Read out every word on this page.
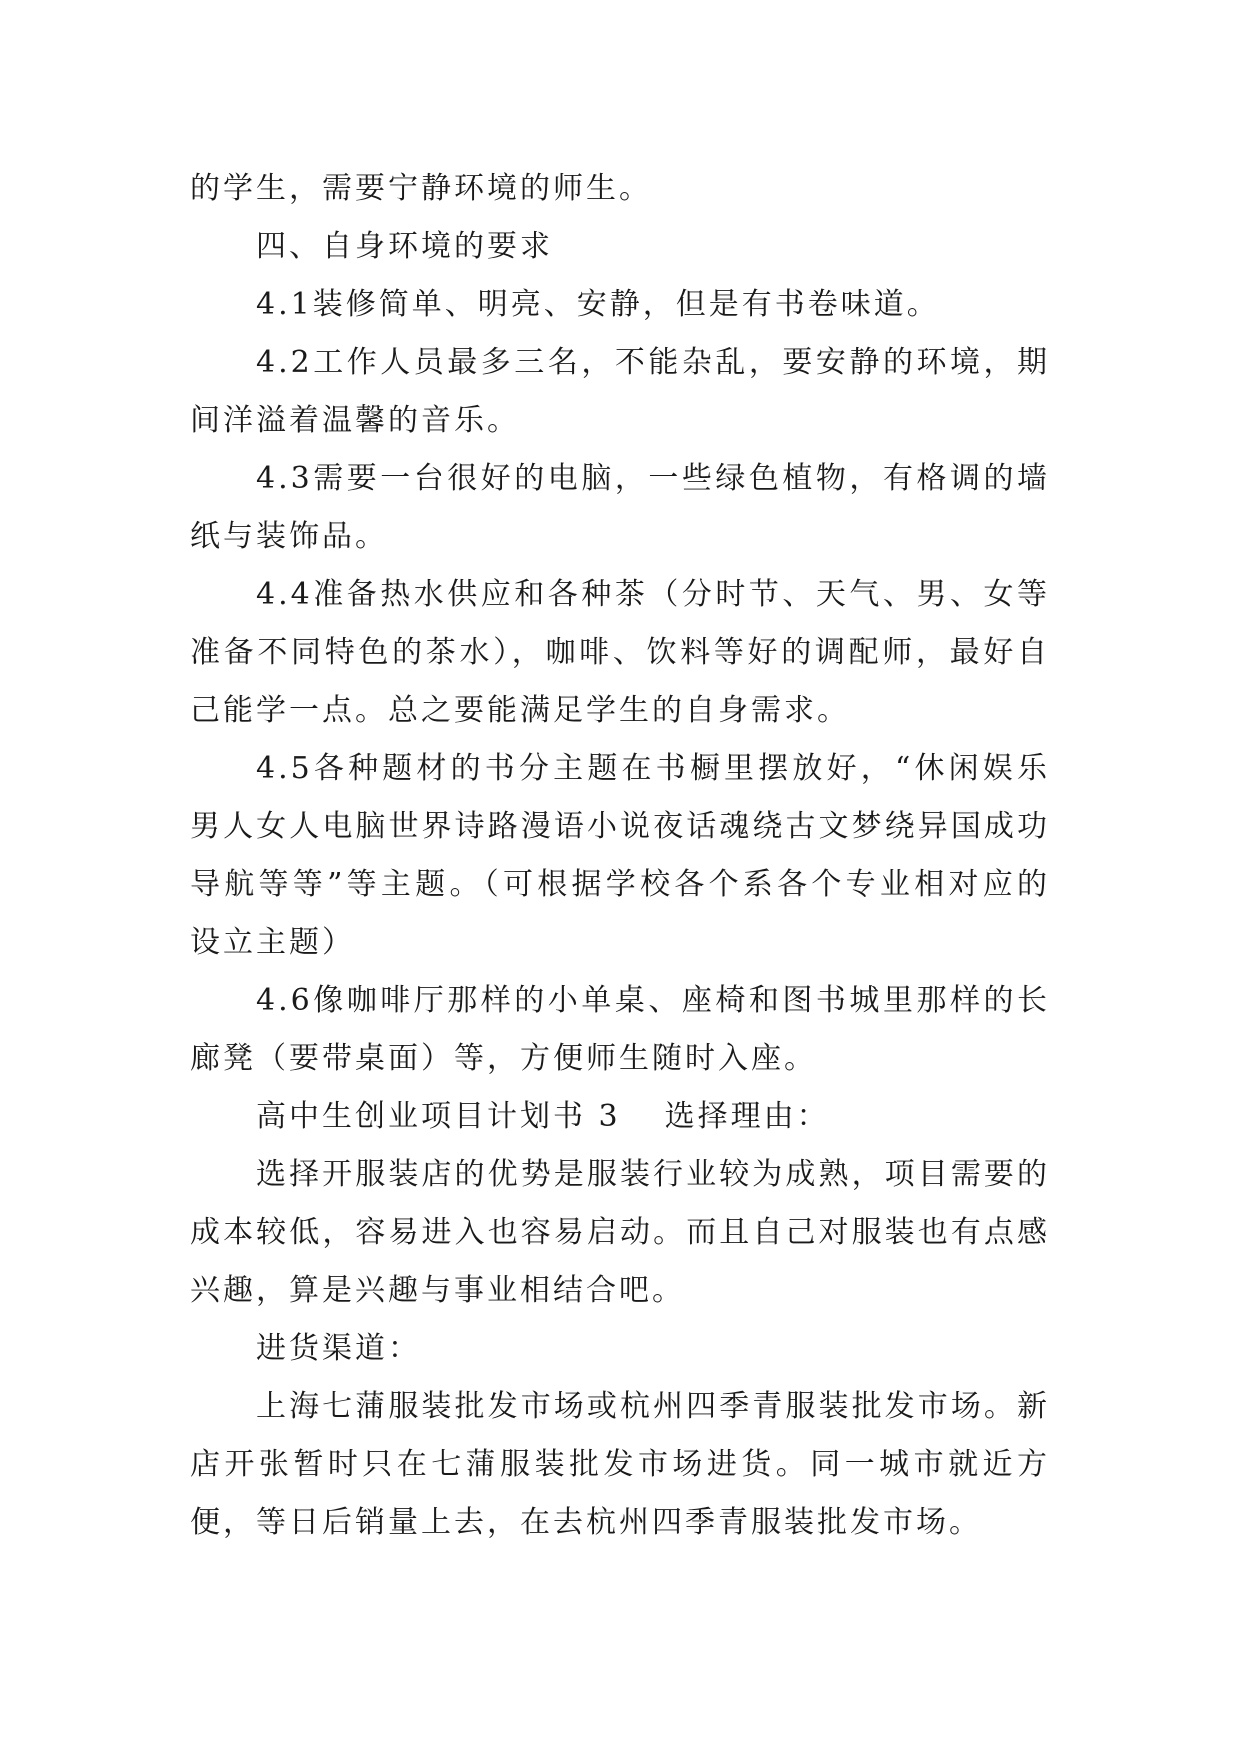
的学生，需要宁静环境的师生。

四、自身环境的要求

4.1装修简单、明亮、安静，但是有书卷味道。

4.2工作人员最多三名，不能杂乱，要安静的环境，期间洋溢着温馨的音乐。

4.3需要一台很好的电脑，一些绿色植物，有格调的墙纸与装饰品。

4.4准备热水供应和各种茶（分时节、天气、男、女等准备不同特色的茶水），咖啡、饮料等好的调配师，最好自己能学一点。总之要能满足学生的自身需求。

4.5各种题材的书分主题在书橱里摆放好，“休闲娱乐男人女人电脑世界诗路漫语小说夜话魂绕古文梦绕异国成功导航等等”等主题。（可根据学校各个系各个专业相对应的设立主题）

4.6像咖啡厅那样的小单桌、座椅和图书城里那样的长廊凳（要带桌面）等，方便师生随时入座。

高中生创业项目计划书 3 选择理由：

选择开服装店的优势是服装行业较为成熟，项目需要的成本较低，容易进入也容易启动。而且自己对服装也有点感兴趣，算是兴趣与事业相结合吧。

进货渠道：

上海七蒲服装批发市场或杭州四季青服装批发市场。新店开张暂时只在七蒲服装批发市场进货。同一城市就近方便，等日后销量上去，在去杭州四季青服装批发市场。
